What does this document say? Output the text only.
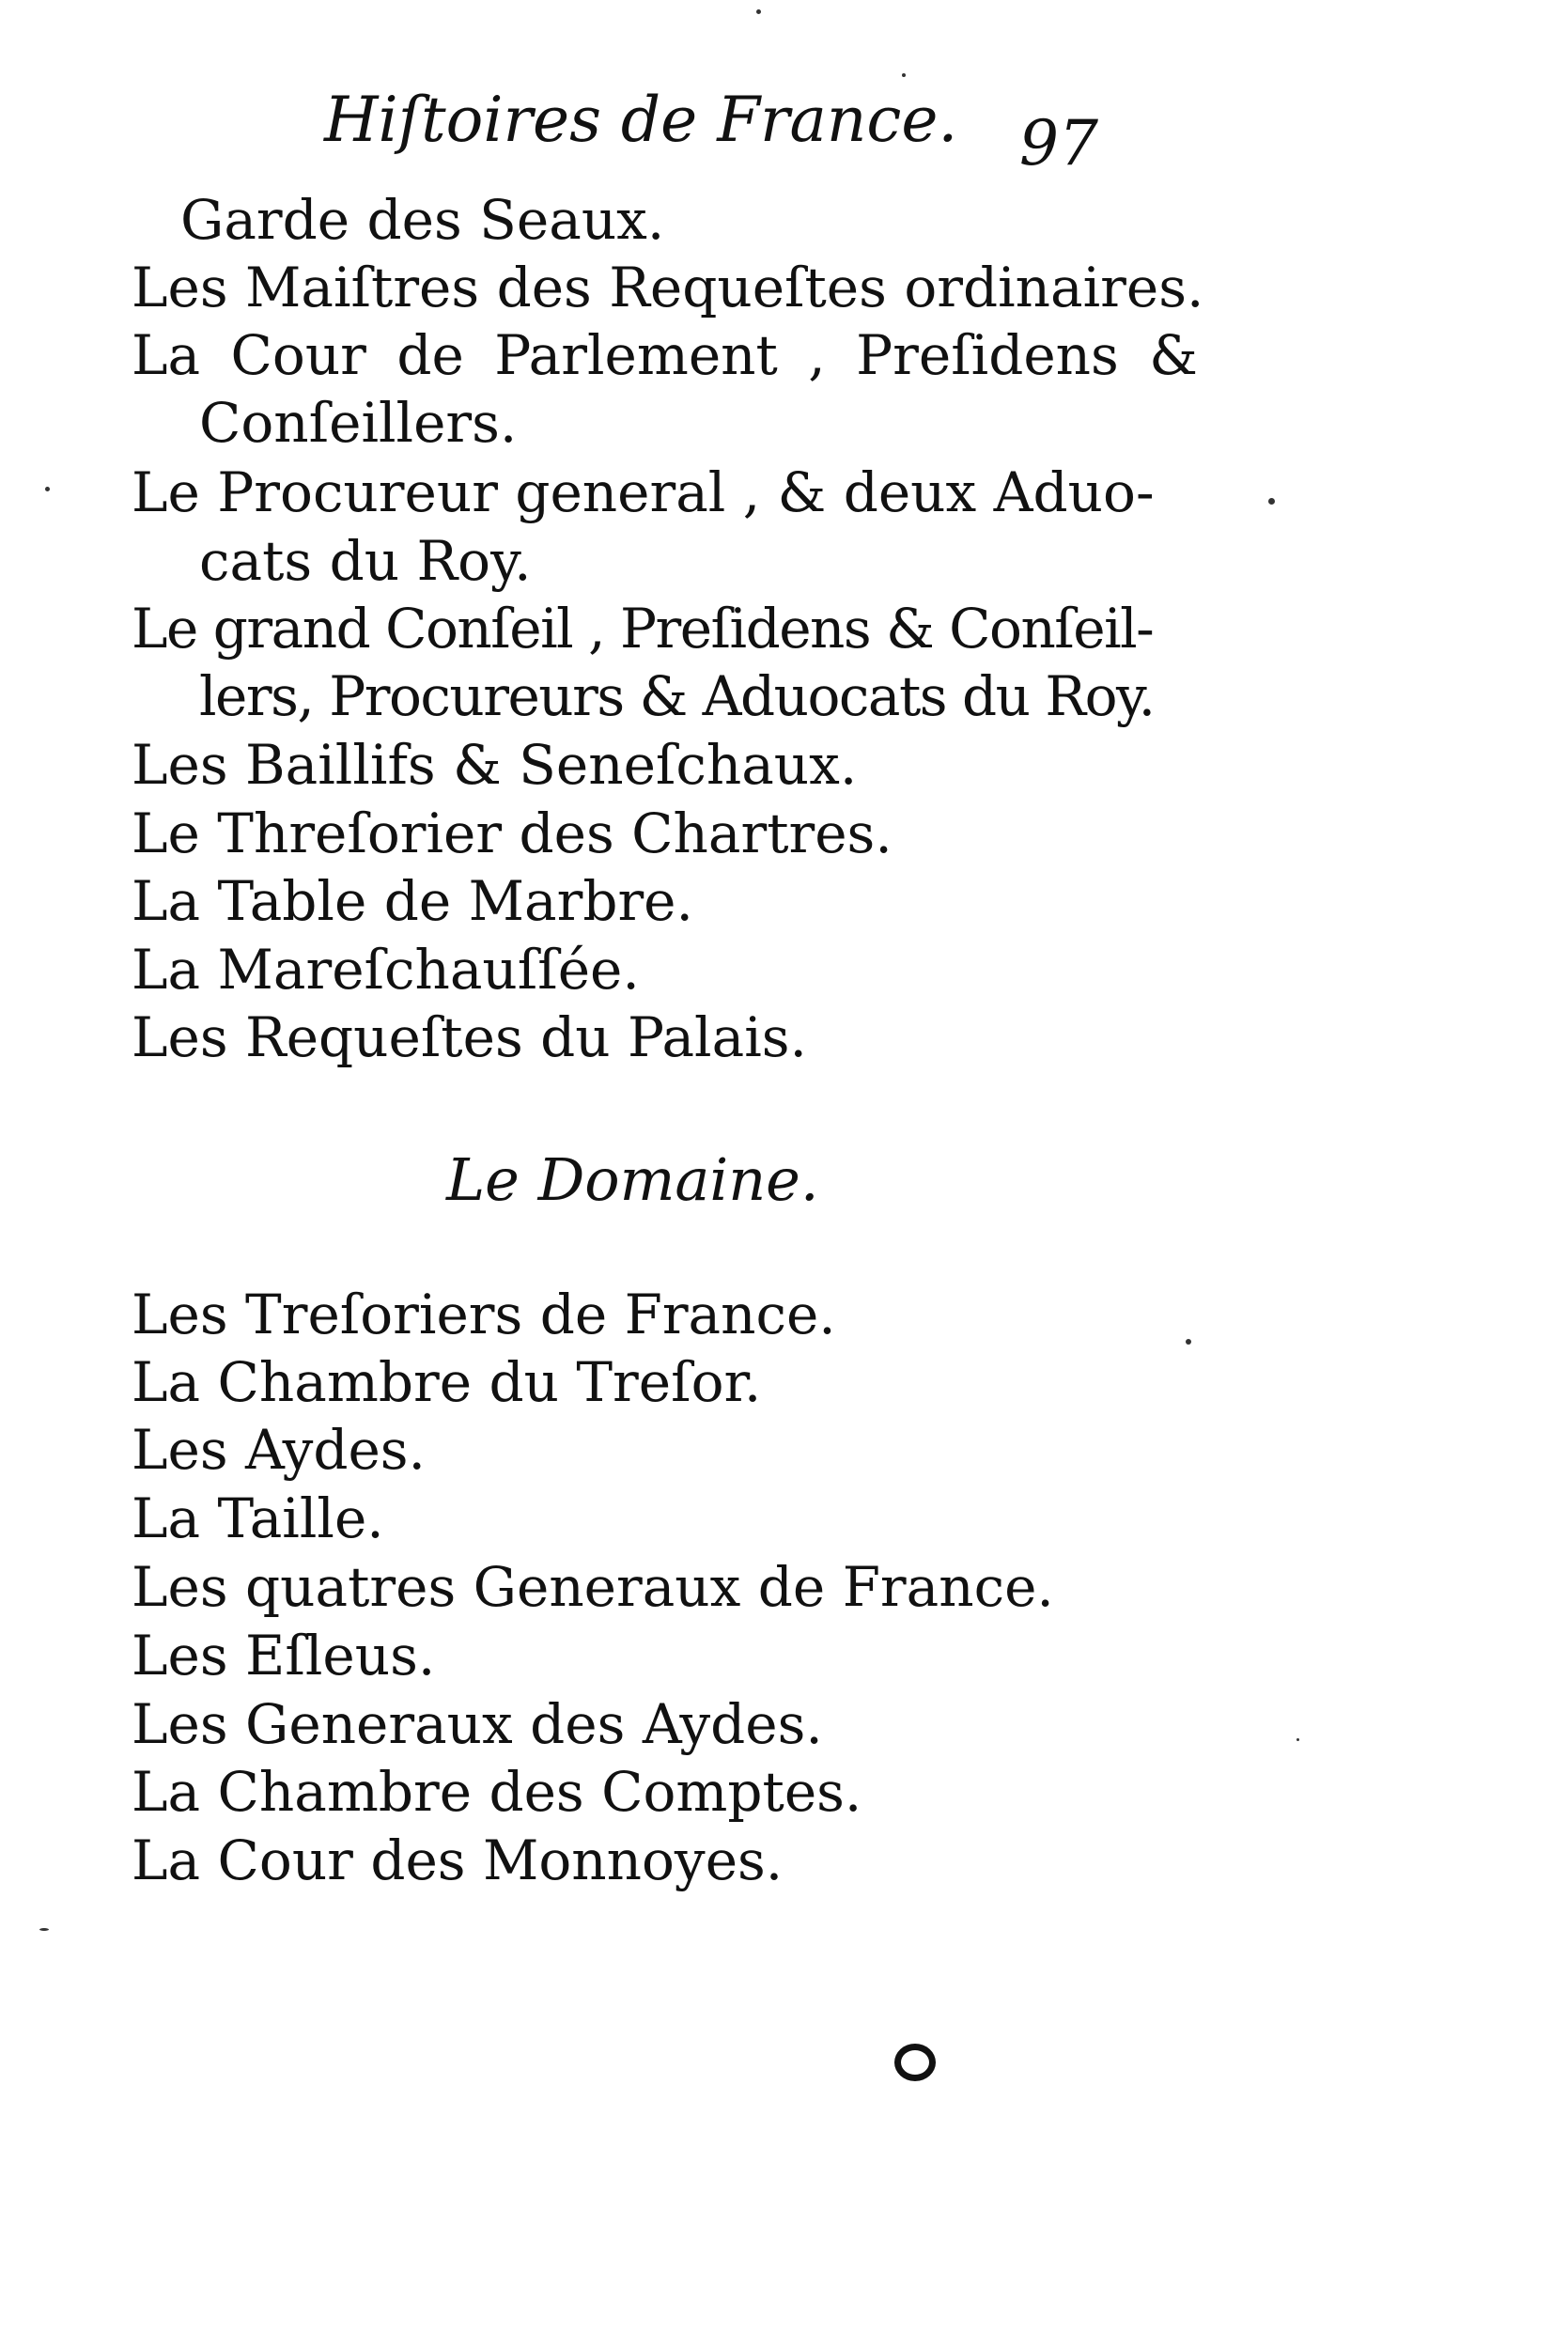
Hiſtoires de France. 97
Garde des Seaux.
Les Maiſtres des Requeſtes ordinaires.
La Cour de Parlement , Preſidens &
Conſeillers.
Le Procureur general , & deux Aduo-
cats du Roy.
Le grand Conſeil , Preſidens & Conſeil-
lers, Procureurs & Aduocats du Roy.
Les Baillifs & Seneſchaux.
Le Threſorier des Chartres.
La Table de Marbre.
La Mareſchauſſée.
Les Requeſtes du Palais.
Le Domaine.
Les Treſoriers de France.
La Chambre du Treſor.
Les Aydes.
La Taille.
Les quatres Generaux de France.
Les Eſleus.
Les Generaux des Aydes.
La Chambre des Comptes.
La Cour des Monnoyes.
